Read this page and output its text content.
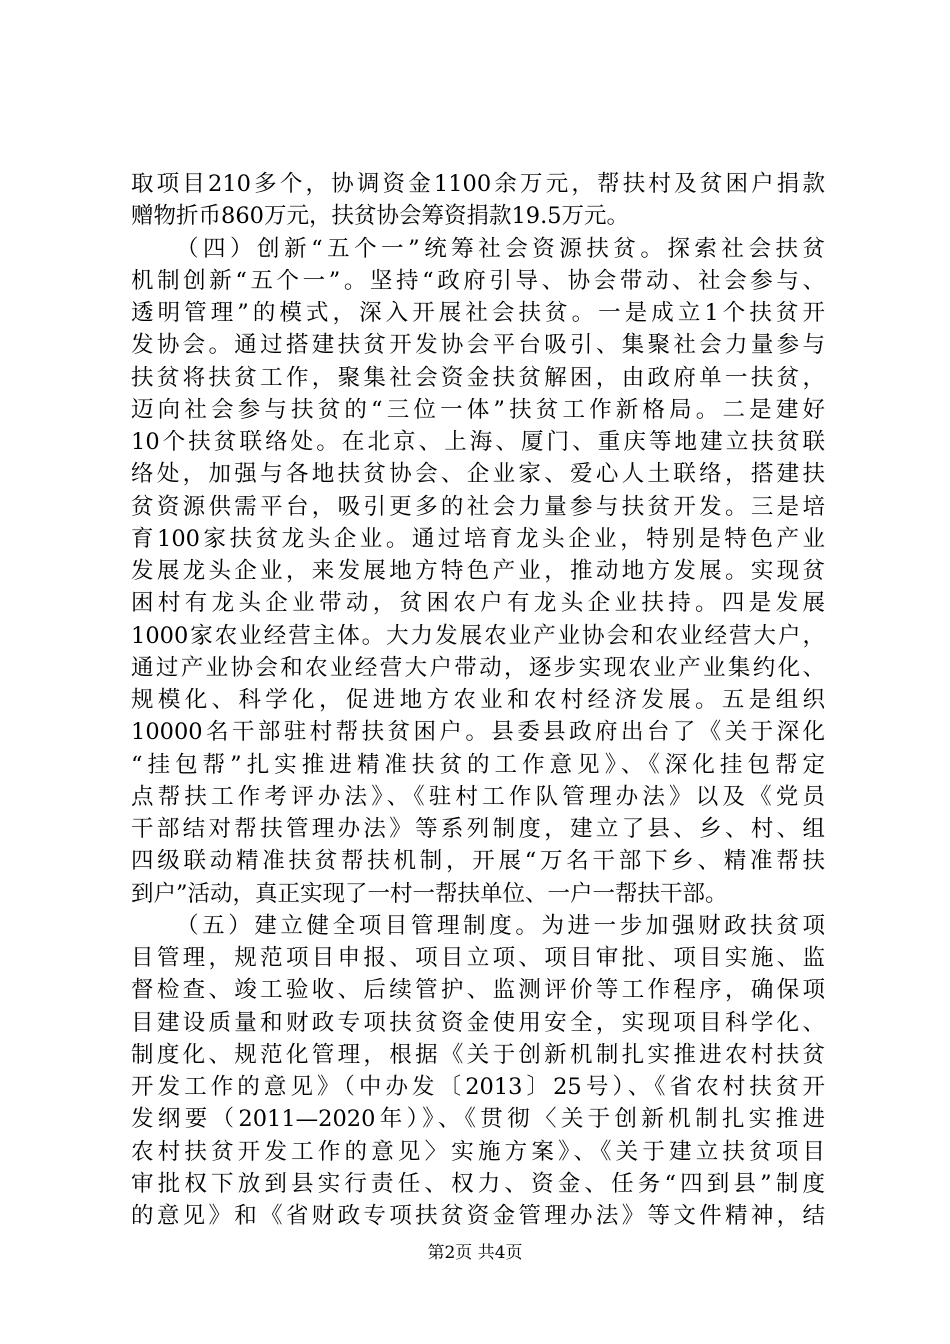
取项目210多个，协调资金1100余万元，帮扶村及贫困户捐款
赠物折币860万元，扶贫协会筹资捐款19.5万元。
（四）创新“五个一”统筹社会资源扶贫。探索社会扶贫
机制创新“五个一”。坚持“政府引导、协会带动、社会参与、
透明管理”的模式，深入开展社会扶贫。一是成立1个扶贫开
发协会。通过搭建扶贫开发协会平台吸引、集聚社会力量参与
扶贫将扶贫工作，聚集社会资金扶贫解困，由政府单一扶贫，
迈向社会参与扶贫的“三位一体”扶贫工作新格局。二是建好
10个扶贫联络处。在北京、上海、厦门、重庆等地建立扶贫联
络处，加强与各地扶贫协会、企业家、爱心人土联络，搭建扶
贫资源供需平台，吸引更多的社会力量参与扶贫开发。三是培
育100家扶贫龙头企业。通过培育龙头企业，特别是特色产业
发展龙头企业，来发展地方特色产业，推动地方发展。实现贫
困村有龙头企业带动，贫困农户有龙头企业扶持。四是发展
1000家农业经营主体。大力发展农业产业协会和农业经营大户，
通过产业协会和农业经营大户带动，逐步实现农业产业集约化、
规模化、科学化，促进地方农业和农村经济发展。五是组织
10000名干部驻村帮扶贫困户。县委县政府出台了《关于深化
“挂包帮”扎实推进精准扶贫的工作意见》、《深化挂包帮定
点帮扶工作考评办法》、《驻村工作队管理办法》以及《党员
干部结对帮扶管理办法》等系列制度，建立了县、乡、村、组
四级联动精准扶贫帮扶机制，开展“万名干部下乡、精准帮扶
到户”活动，真正实现了一村一帮扶单位、一户一帮扶干部。
（五）建立健全项目管理制度。为进一步加强财政扶贫项
目管理，规范项目申报、项目立项、项目审批、项目实施、监
督检查、竣工验收、后续管护、监测评价等工作程序，确保项
目建设质量和财政专项扶贫资金使用安全，实现项目科学化、
制度化、规范化管理，根据《关于创新机制扎实推进农村扶贫
开发工作的意见》（中办发〔2013〕25号）、《省农村扶贫开
发纲要（2011—2020年）》、《贯彻〈关于创新机制扎实推进
农村扶贫开发工作的意见〉实施方案》、《关于建立扶贫项目
审批权下放到县实行责任、权力、资金、任务“四到县”制度
的意见》和《省财政专项扶贫资金管理办法》等文件精神，结
第2页 共4页
